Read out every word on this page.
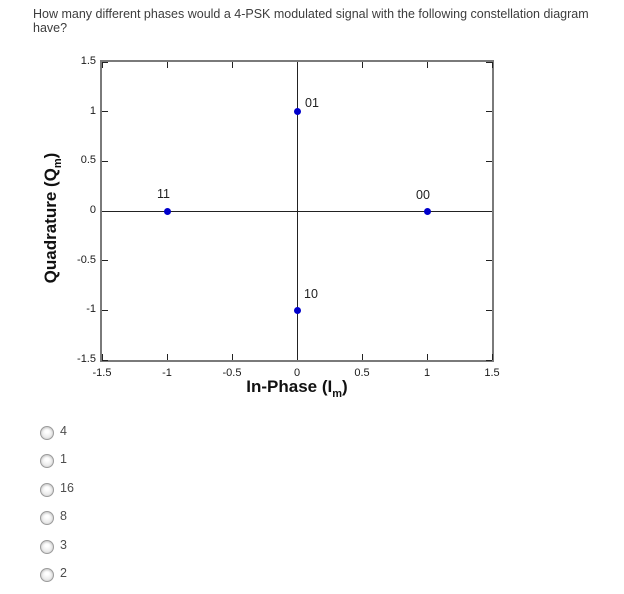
How many different phases would a 4-PSK modulated signal with the following constellation diagram have?
-1.5	-1	-0.5	0	0.5	1	1.5
-1.5
-1
-0.5
0
0.5
1
1.5
01
11	00
10
In-Phase $(I_m)$
Quadrature $(Q_m)$
4
1
16
8
3
2
